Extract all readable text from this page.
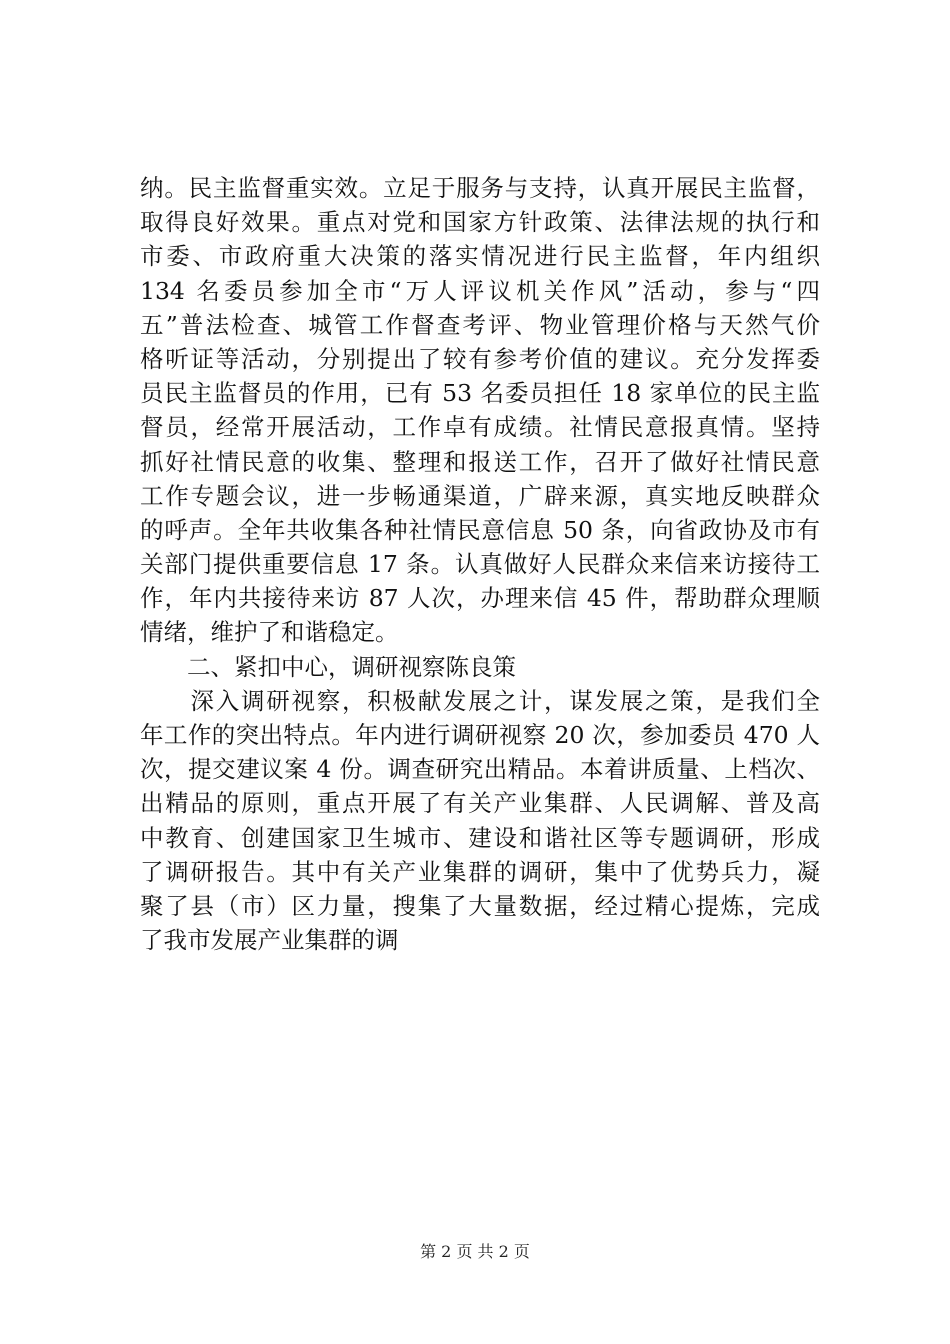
纳。民主监督重实效。立足于服务与支持，认真开展民主监督，
取得良好效果。重点对党和国家方针政策、法律法规的执行和
市委、市政府重大决策的落实情况进行民主监督，年内组织
134 名委员参加全市“万人评议机关作风”活动，参与“四
五”普法检查、城管工作督查考评、物业管理价格与天然气价
格听证等活动，分别提出了较有参考价值的建议。充分发挥委
员民主监督员的作用，已有 53 名委员担任 18 家单位的民主监
督员，经常开展活动，工作卓有成绩。社情民意报真情。坚持
抓好社情民意的收集、整理和报送工作，召开了做好社情民意
工作专题会议，进一步畅通渠道，广辟来源，真实地反映群众
的呼声。全年共收集各种社情民意信息 50 条，向省政协及市有
关部门提供重要信息 17 条。认真做好人民群众来信来访接待工
作，年内共接待来访 87 人次，办理来信 45 件，帮助群众理顺
情绪，维护了和谐稳定。
　　二、紧扣中心，调研视察陈良策
　　深入调研视察，积极献发展之计，谋发展之策，是我们全
年工作的突出特点。年内进行调研视察 20 次，参加委员 470 人
次，提交建议案 4 份。调查研究出精品。本着讲质量、上档次、
出精品的原则，重点开展了有关产业集群、人民调解、普及高
中教育、创建国家卫生城市、建设和谐社区等专题调研，形成
了调研报告。其中有关产业集群的调研，集中了优势兵力，凝
聚了县（市）区力量，搜集了大量数据，经过精心提炼，完成
了我市发展产业集群的调
第 2 页 共 2 页
